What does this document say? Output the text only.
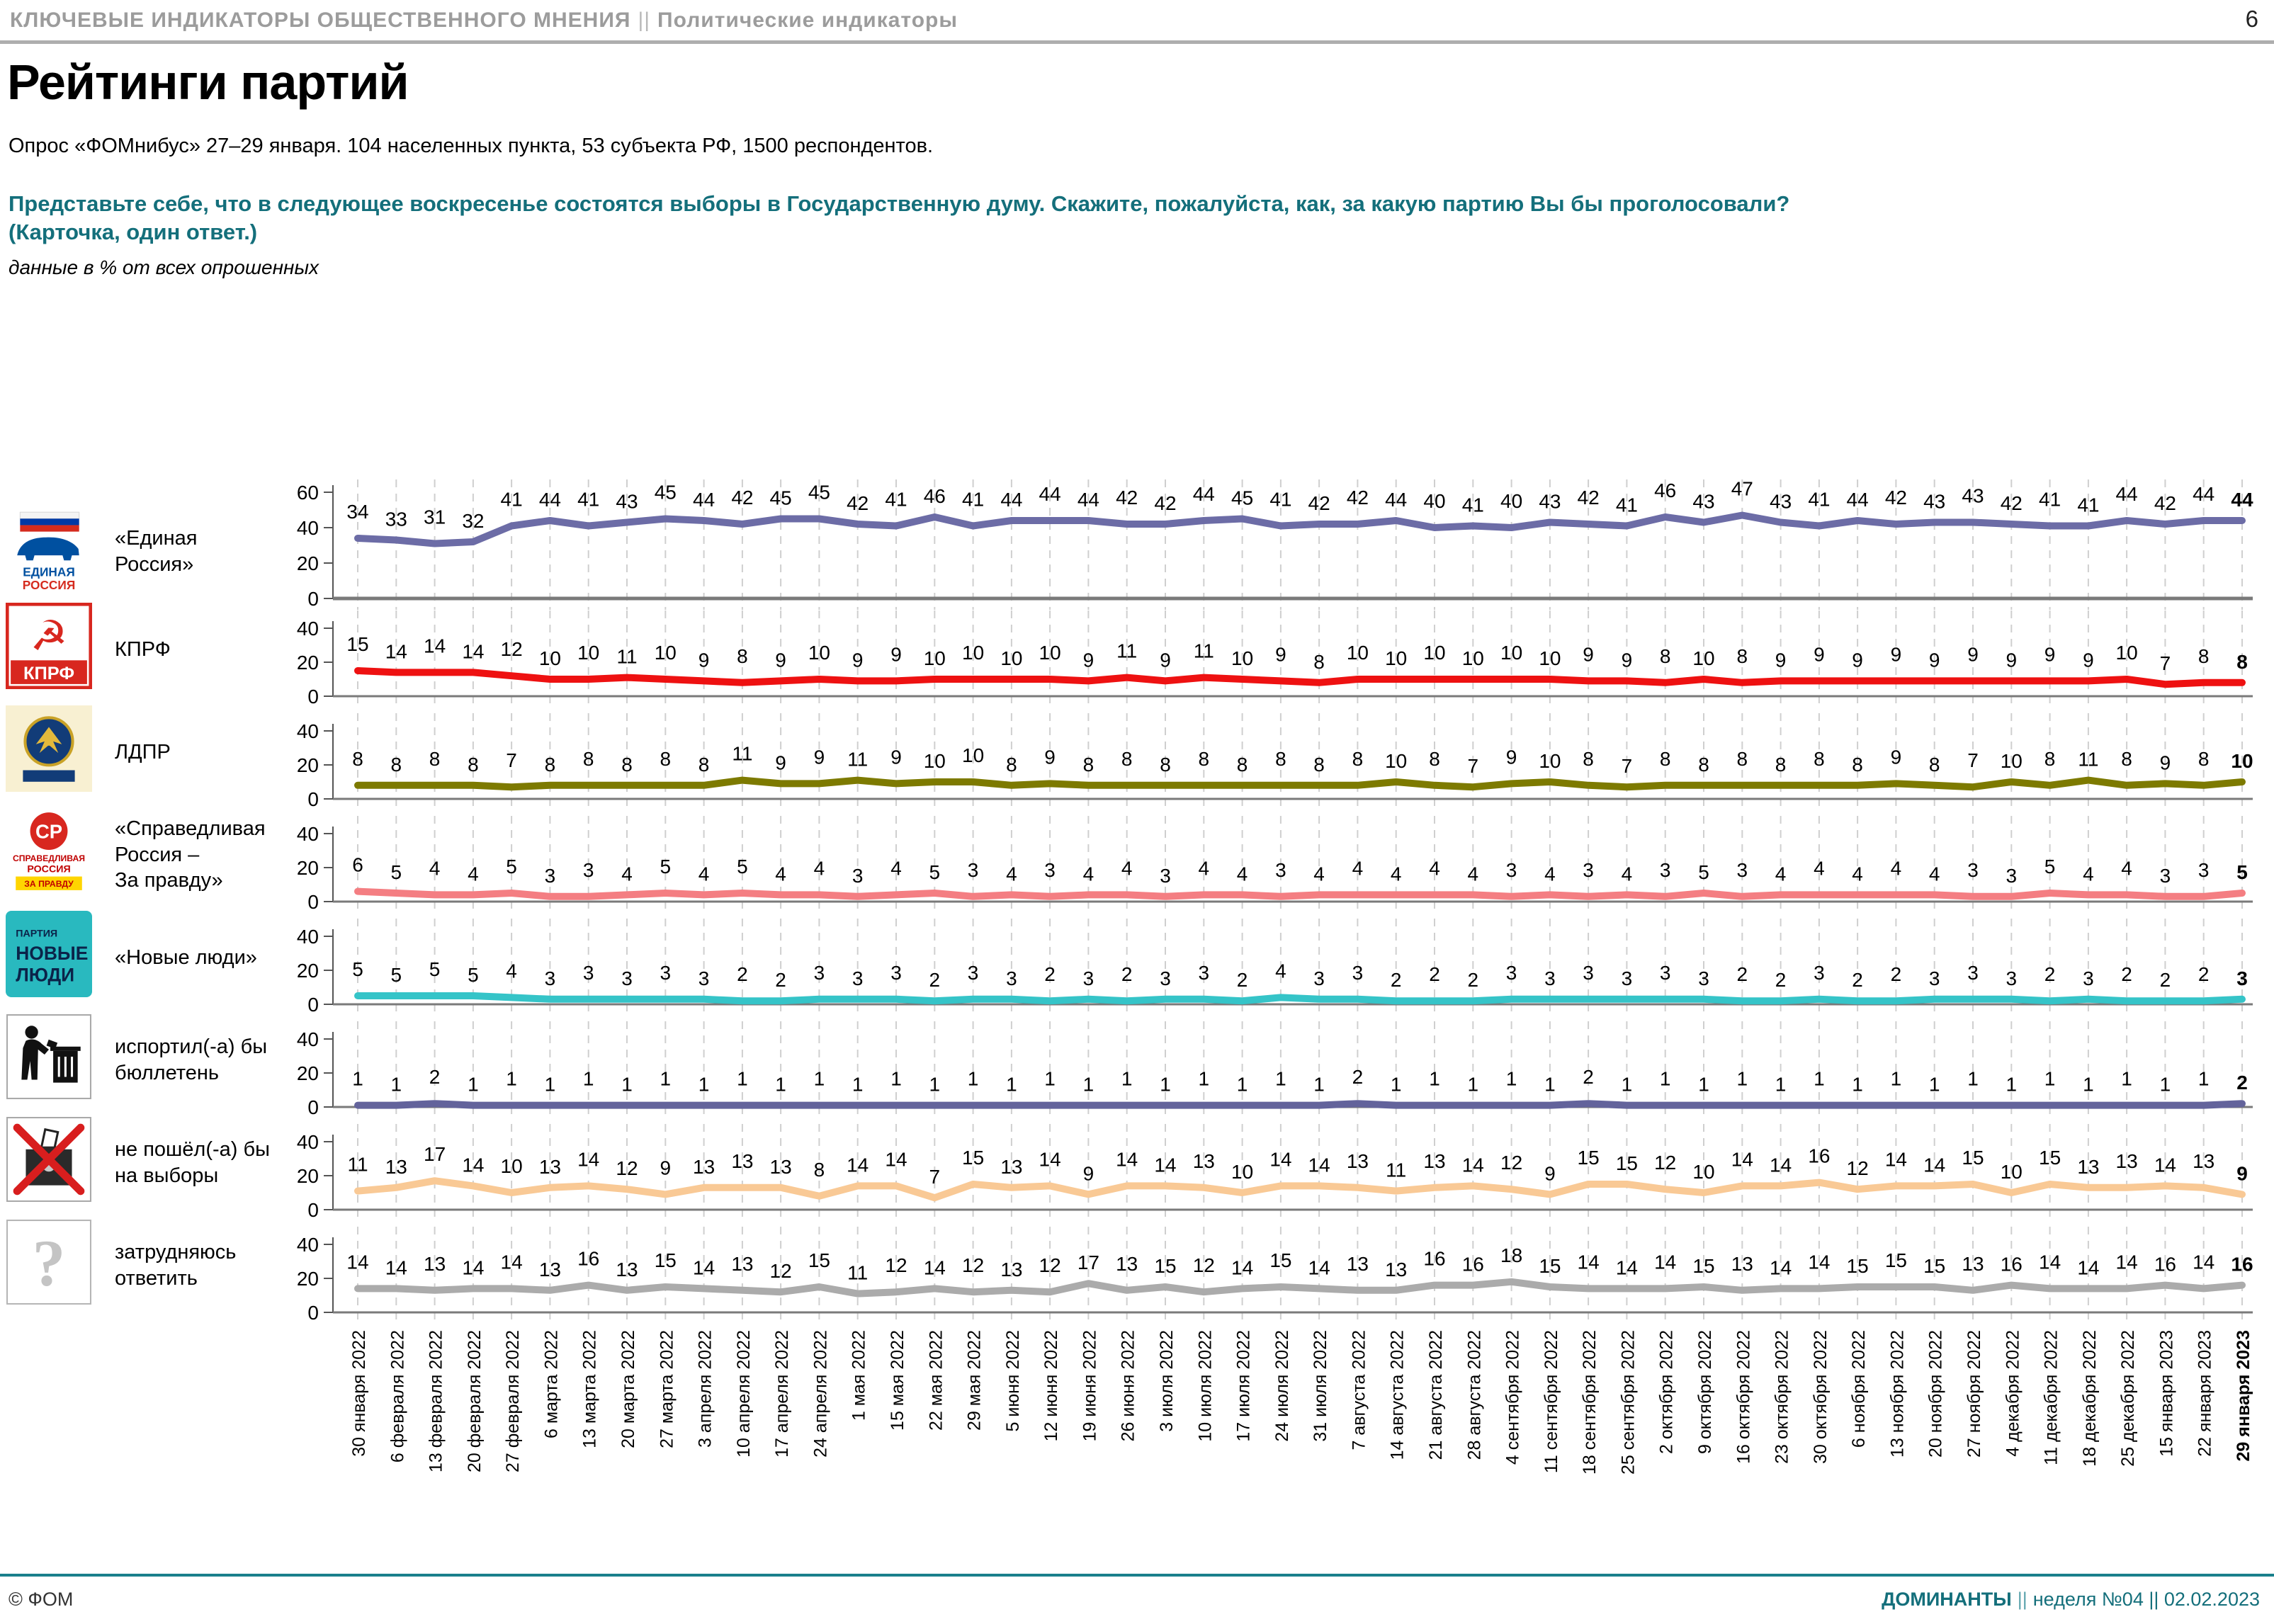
КЛЮЧЕВЫЕ ИНДИКАТОРЫ ОБЩЕСТВЕННОГО МНЕНИЯ || Политические индикаторы	6
Рейтинги партий
Опрос «ФОМнибус» 27–29 января. 104 населенных пункта, 53 субъекта РФ, 1500 респондентов.
Представьте себе, что в следующее воскресенье состоятся выборы в Государственную думу. Скажите, пожалуйста, как, за какую партию Вы бы проголосовали?
(Карточка, один ответ.)
данные в % от всех опрошенных
ЕДИНАЯ
РОССИЯ
«Единая
Россия»
☭
КПРФ
КПРФ
ЛДПР
СР
СПРАВЕДЛИВАЯ
РОССИЯ
ЗА ПРАВДУ
«Справедливая
Россия –
За правду»
ПАРТИЯ
НОВЫЕ
ЛЮДИ
«Новые люди»
испортил(-а) бы
бюллетень
не пошёл(-а) бы
на выборы
? затрудняюсь
ответить
0
20
40
60
34 33 31 32
41 44 41 43 45 44 42 45 45 42 41 46 41 44 44 44 42 42 44 45 41 42 42 44 40 41 40 43 42 41
46 43
47
43 41 44 42 43 43 42 41 41 44 42 44 44
0
20
40
15 14 14 14 12 10 10 11 10 9 8 9 10 9 9 10 10 10 10 9 11 9 11 10 9 8 10 10 10 10 10 10 9 9 8 10 8 9 9 9 9 9 9 9 9 9 10 7 8 8
0
20
40
8 8 8 8 7 8 8 8 8 8 11 9 9 11 9 10 10 8 9 8 8 8 8 8 8 8 8 10 8 7 9 10 8 7 8 8 8 8 8 8 9 8 7 10 8 11 8 9 8 10
0
20
40
6 5 4 4 5 3 3 4 5 4 5 4 4 3 4 5 3 4 3 4 4 3 4 4 3 4 4 4 4 4 3 4 3 4 3 5 3 4 4 4 4 4 3 3 5 4 4 3 3 5
0
20
40
5 5 5 5 4 3 3 3 3 3 2 2 3 3 3 2 3 3 2 3 2 3 3 2 4 3 3 2 2 2 3 3 3 3 3 3 2 2 3 2 2 3 3 3 2 3 2 2 2 3
0
20
40
1 1 2 1 1 1 1 1 1 1 1 1 1 1 1 1 1 1 1 1 1 1 1 1 1 1 2 1 1 1 1 1 2 1 1 1 1 1 1 1 1 1 1 1 1 1 1 1 1 2
0
20
40
11 13
17 14 10 13 14 12 9 13 13 13 8 14 14
7
15 13 14
9
14 14 13 10
14 14 13 11 13 14 12 9
15 15 12 10
14 14 16
12 14 14 15
10
15 13 13 14 13
9
0
20
40
14 14 13 14 14 13 16 13 15 14 13 12 15
11 12 14 12 13 12 17 13 15 12 14 15 14 13 13 16 16 18 15 14 14 14 15 13 14 14 15 15 15 13 16 14 14 14 16 14 16
30 января 2022 6 февраля 2022 13 февраля 2022 20 февраля 2022 27 февраля 2022 6 марта 2022 13 марта 2022 20 марта 2022 27 марта 2022 3 апреля 2022 10 апреля 2022 17 апреля 2022 24 апреля 2022 1 мая 2022 15 мая 2022 22 мая 2022 29 мая 2022 5 июня 2022 12 июня 2022 19 июня 2022 26 июня 2022 3 июля 2022 10 июля 2022 17 июля 2022 24 июля 2022 31 июля 2022 7 августа 2022 14 августа 2022 21 августа 2022 28 августа 2022 4 сентября 2022 11 сентября 2022 18 сентября 2022 25 сентября 2022 2 октября 2022 9 октября 2022 16 октября 2022 23 октября 2022 30 октября 2022 6 ноября 2022 13 ноября 2022 20 ноября 2022 27 ноября 2022 4 декабря 2022 11 декабря 2022 18 декабря 2022 25 декабря 2022 15 января 2023 22 января 2023 29 января 2023
© ФОМ	ДОМИНАНТЫ || неделя №04 || 02.02.2023
